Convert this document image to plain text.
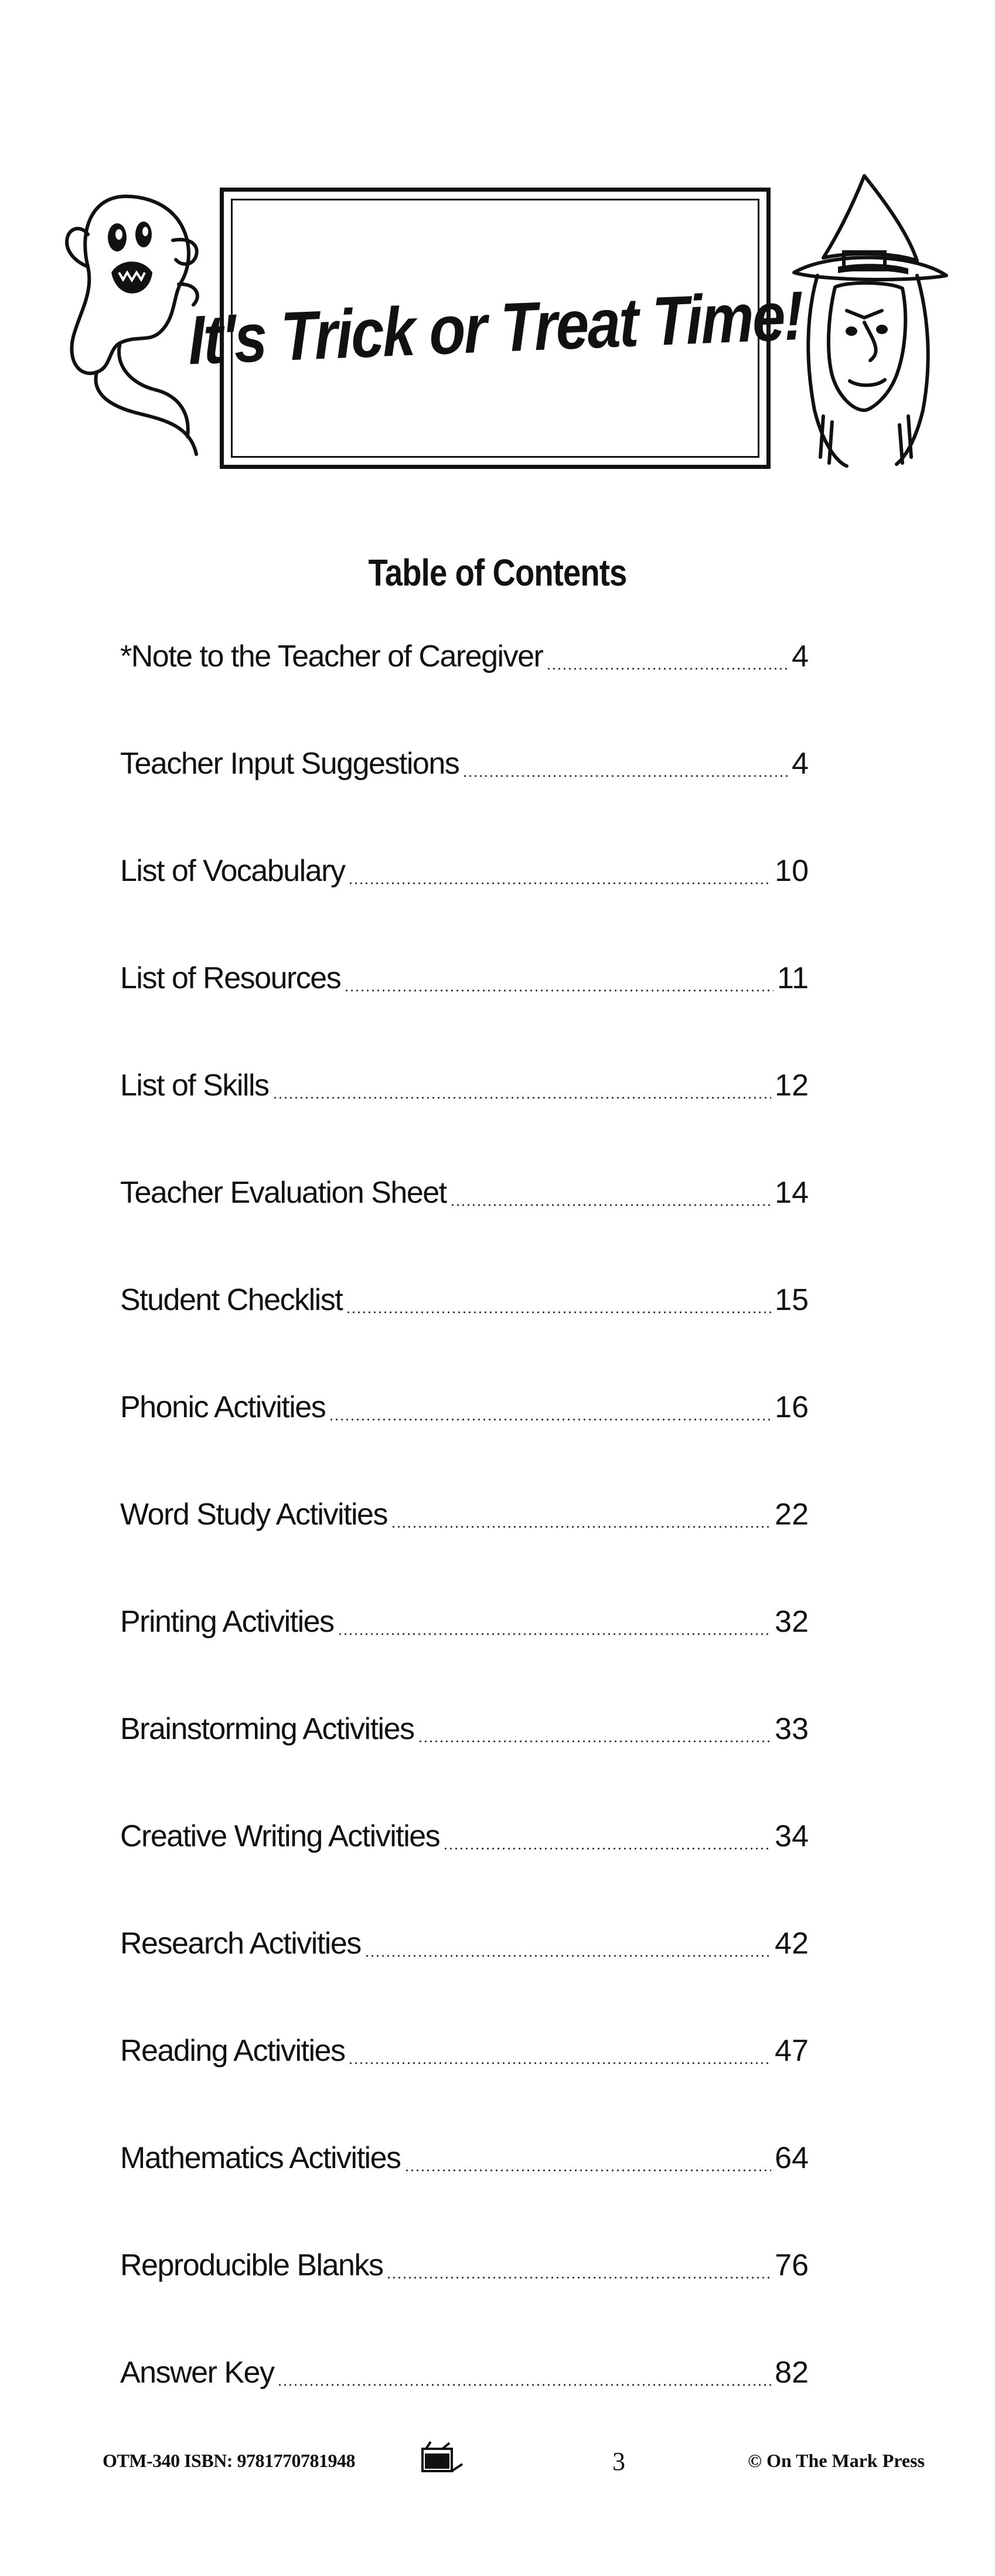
It's Trick or Treat Time!
Table of Contents
*Note to the Teacher of Caregiver	4
Teacher Input Suggestions	4
List of Vocabulary	10
List of Resources	11
List of Skills	12
Teacher Evaluation Sheet	14
Student Checklist	15
Phonic Activities	16
Word Study Activities	22
Printing Activities	32
Brainstorming Activities	33
Creative Writing Activities	34
Research Activities	42
Reading Activities	47
Mathematics Activities	64
Reproducible Blanks	76
Answer Key	82
OTM-340 ISBN: 9781770781948	3	© On The Mark Press
